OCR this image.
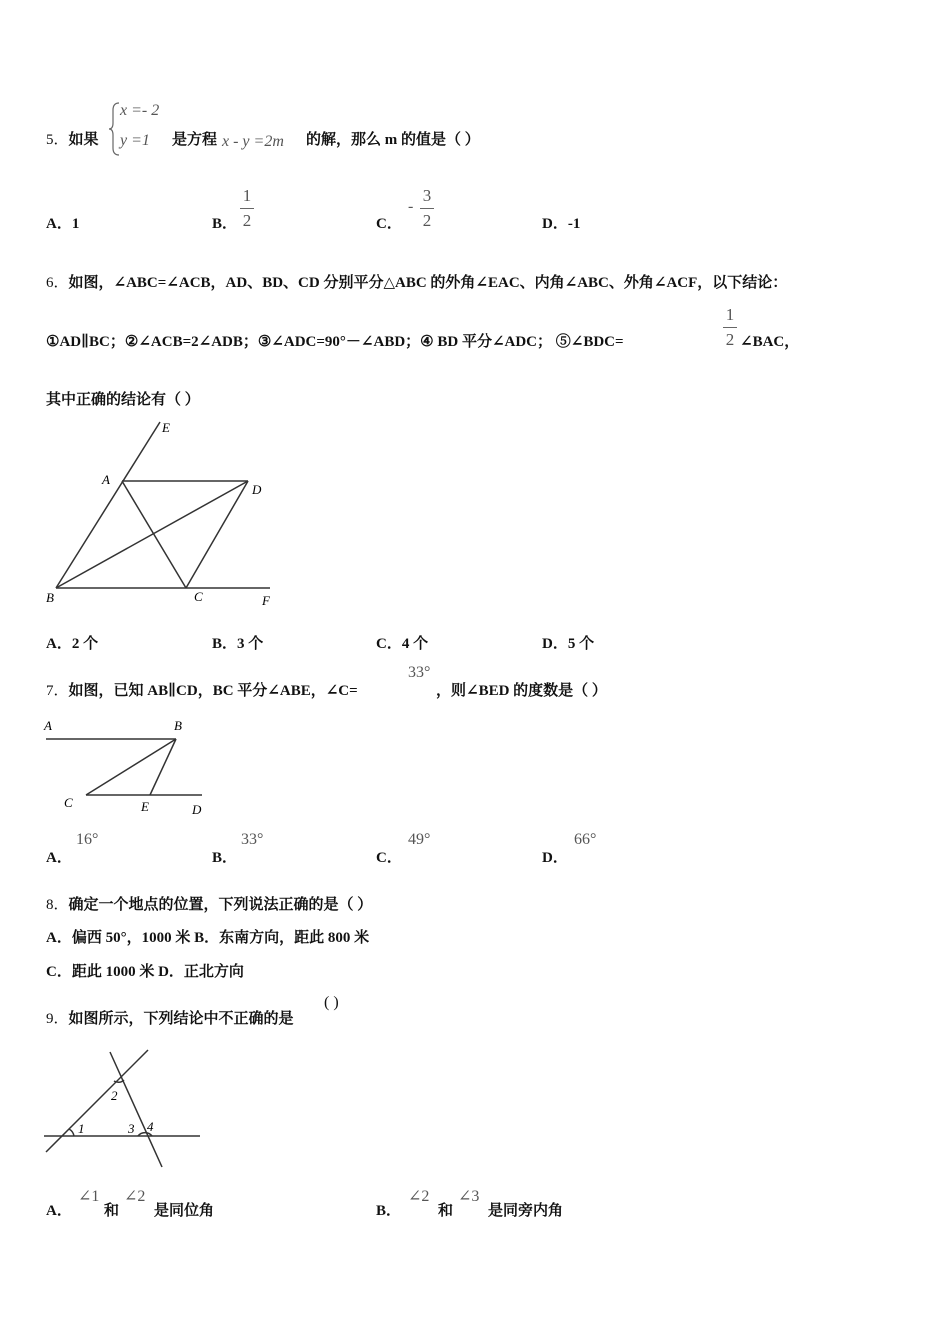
x =- 2
y =1
5．如果	是方程 x - y =2m 的解，那么 m 的值是（ ）
A．1	B．
1
2	C．
-
3
2	D．-1
6．如图，∠ABC=∠ACB，AD、BD、CD 分别平分△ABC 的外角∠EAC、内角∠ABC、外角∠ACF，以下结论：
①AD∥BC；②∠ACB=2∠ADB；③∠ADC=90°－∠ABD；④ BD 平分∠ADC； ⑤∠BDC=
1
2 ∠BAC，
其中正确的结论有（ ）
E
A
D
B	C	F
A．2 个	B．3 个	C．4 个	D．5 个
7．如图，已知 AB∥CD，BC 平分∠ABE，∠C=
33°
，则∠BED 的度数是（ ）
A	B
C	E	D
A．
16°
B．
33°
C．
49°
D．
66°
8．确定一个地点的位置，下列说法正确的是（ ）
A．偏西 50°，1000 米 B．东南方向，距此 800 米
C．距此 1000 米 D．正北方向
9．如图所示，下列结论中不正确的是
( )
1
2
3 4
A．
∠1
和
∠2
是同位角	B．
∠2
和
∠3
是同旁内角
